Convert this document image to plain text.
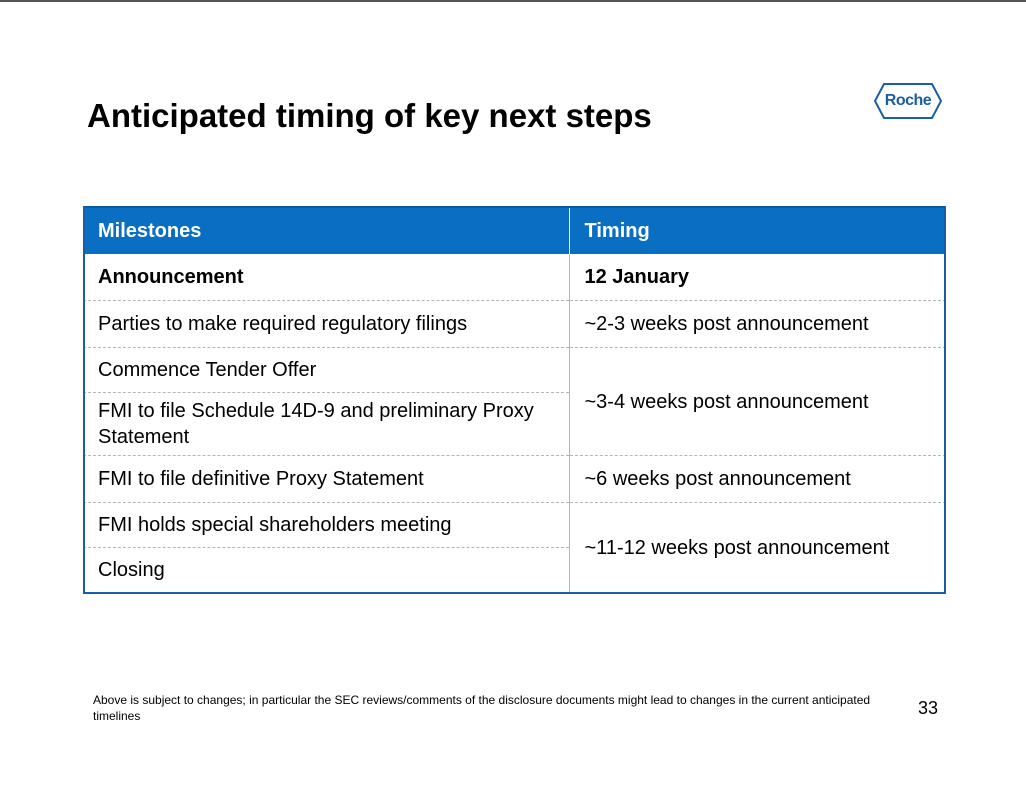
Anticipated timing of key next steps	Roche
Milestones	Timing
Announcement	12 January
Parties to make required regulatory filings	~2-3 weeks post announcement
Commence Tender Offer	~3-4 weeks post announcement
FMI to file Schedule 14D-9 and preliminary Proxy Statement	
FMI to file definitive Proxy Statement	~6 weeks post announcement
FMI holds special shareholders meeting	~11-12 weeks post announcement
Closing	
Above is subject to changes; in particular the SEC reviews/comments of the disclosure documents might lead to changes in the current anticipated timelines	33
